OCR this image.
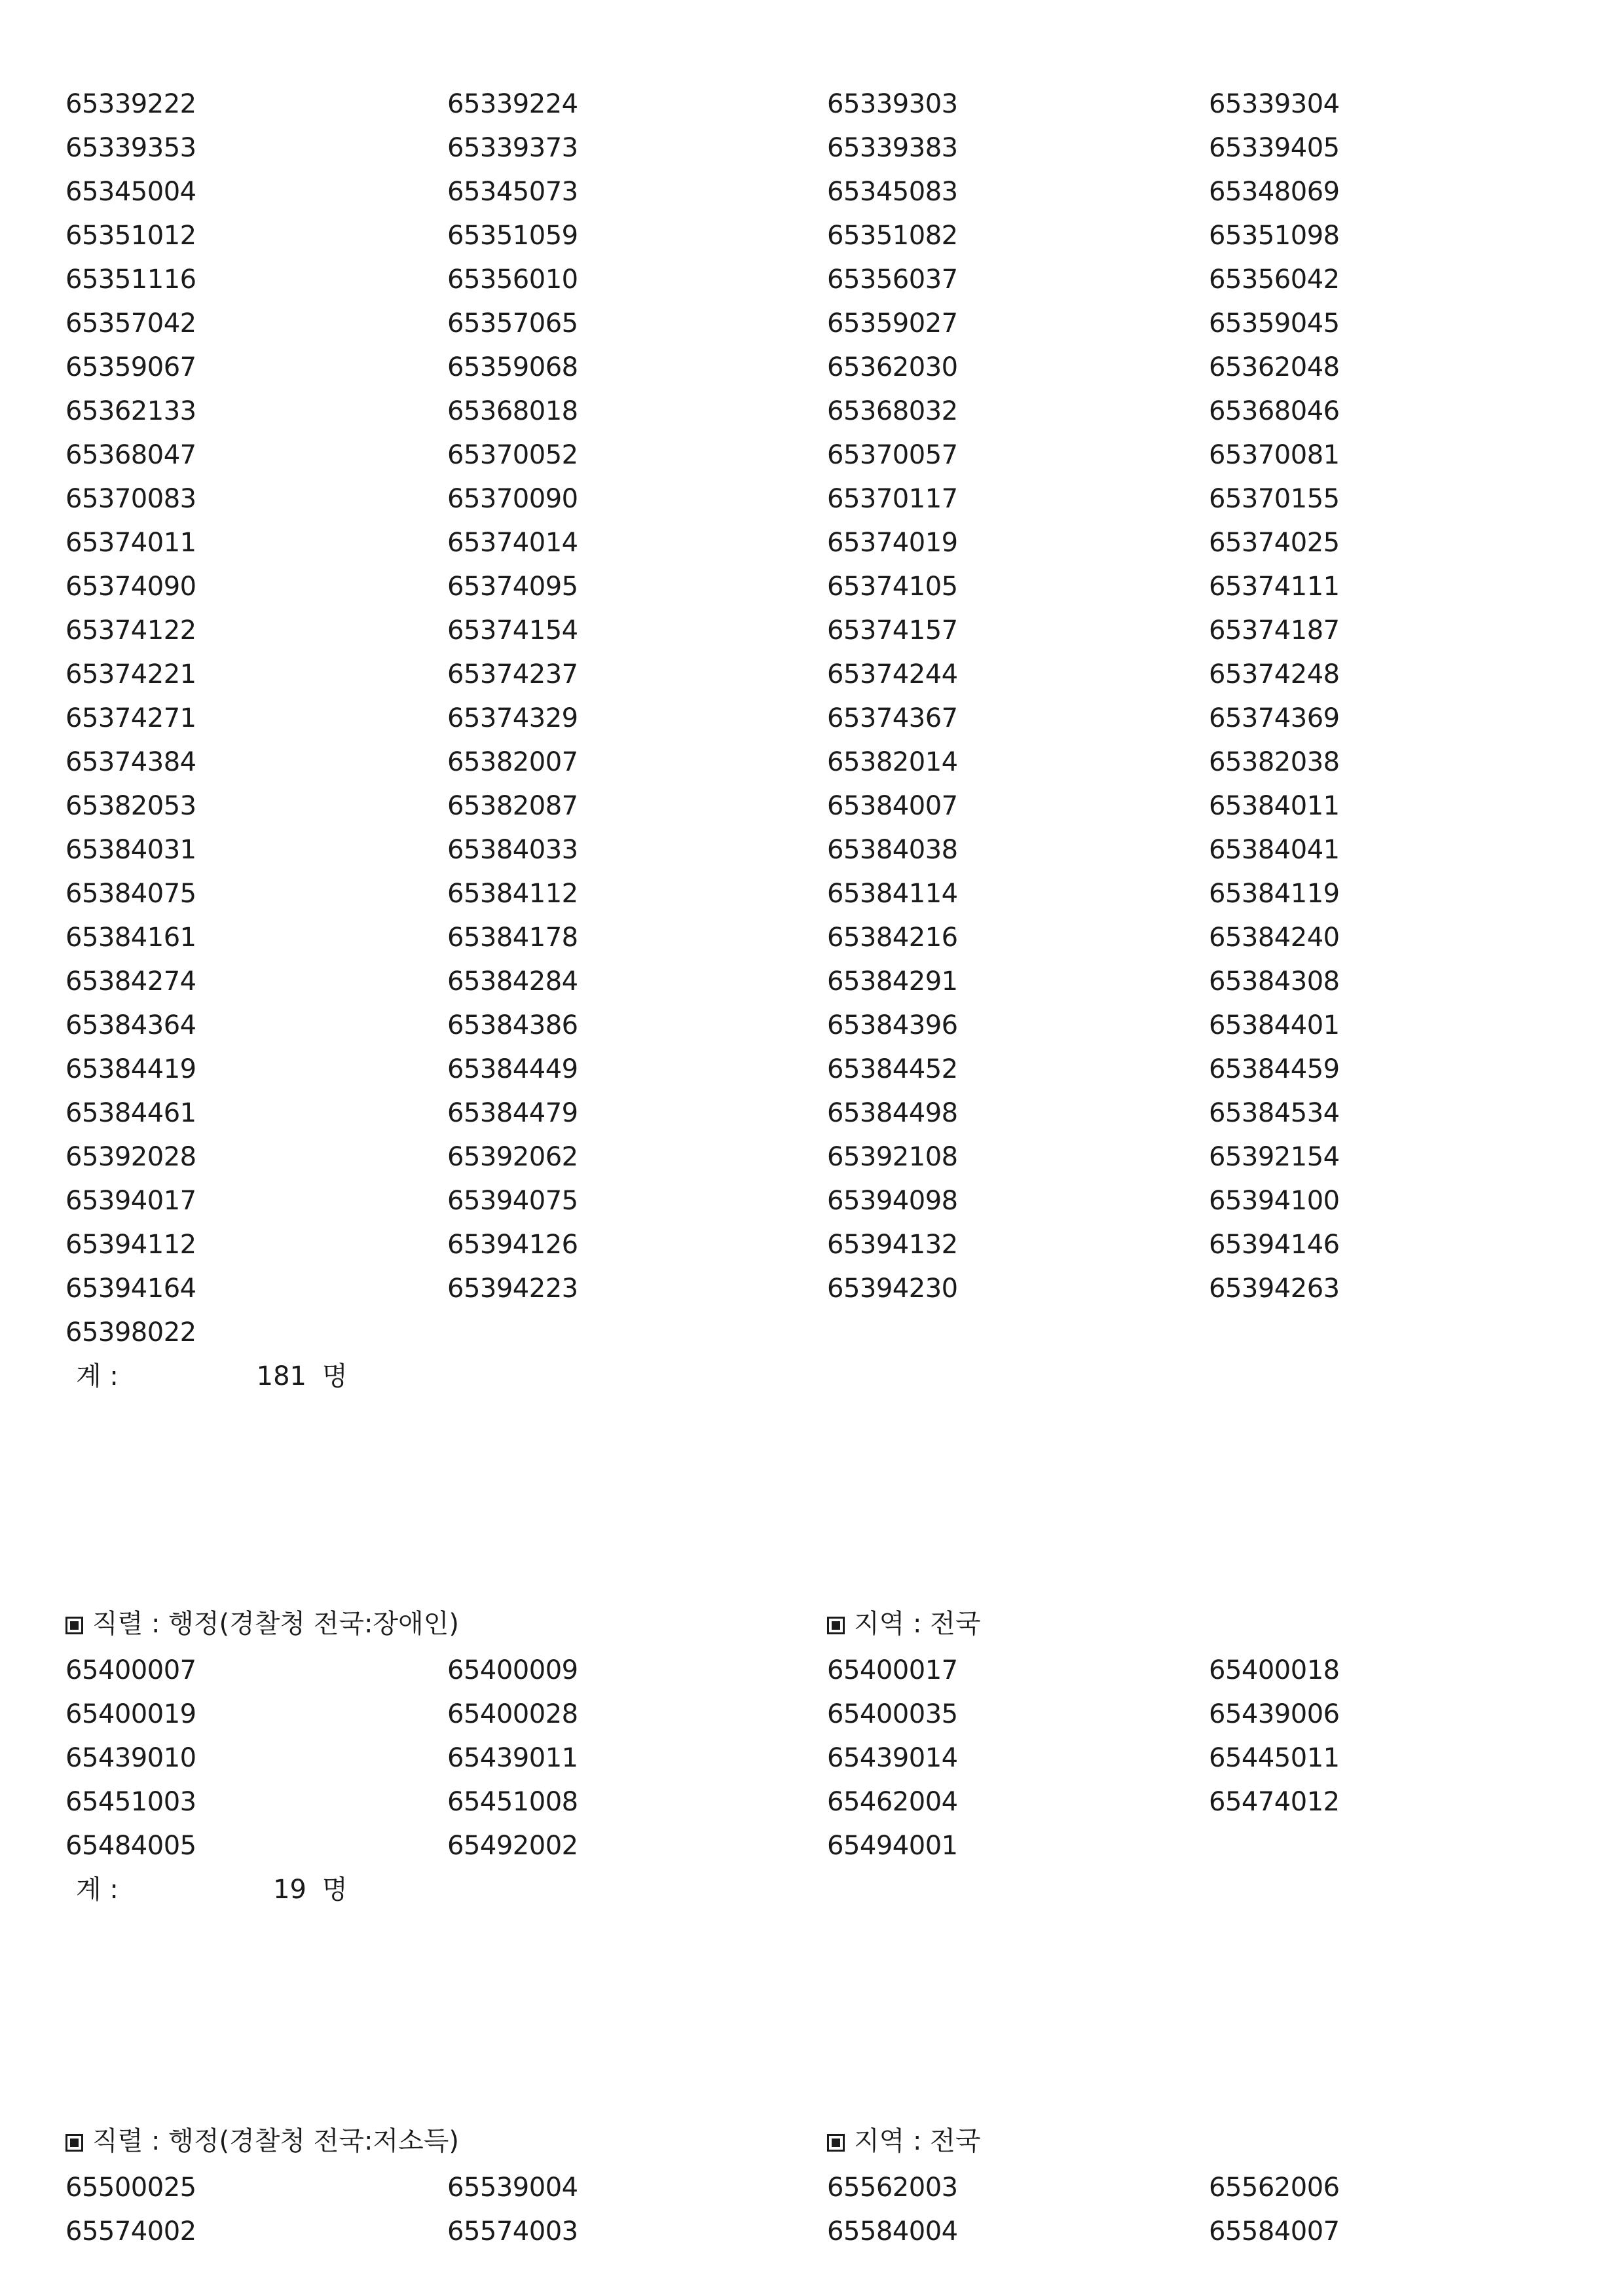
65339222	65339224	65339303	65339304
65339353	65339373	65339383	65339405
65345004	65345073	65345083	65348069
65351012	65351059	65351082	65351098
65351116	65356010	65356037	65356042
65357042	65357065	65359027	65359045
65359067	65359068	65362030	65362048
65362133	65368018	65368032	65368046
65368047	65370052	65370057	65370081
65370083	65370090	65370117	65370155
65374011	65374014	65374019	65374025
65374090	65374095	65374105	65374111
65374122	65374154	65374157	65374187
65374221	65374237	65374244	65374248
65374271	65374329	65374367	65374369
65374384	65382007	65382014	65382038
65382053	65382087	65384007	65384011
65384031	65384033	65384038	65384041
65384075	65384112	65384114	65384119
65384161	65384178	65384216	65384240
65384274	65384284	65384291	65384308
65384364	65384386	65384396	65384401
65384419	65384449	65384452	65384459
65384461	65384479	65384498	65384534
65392028	65392062	65392108	65392154
65394017	65394075	65394098	65394100
65394112	65394126	65394132	65394146
65394164	65394223	65394230	65394263
65398022
계 :	181 명
직렬 : 행정(경찰청 전국:장애인)	지역 : 전국
65400007	65400009	65400017	65400018
65400019	65400028	65400035	65439006
65439010	65439011	65439014	65445011
65451003	65451008	65462004	65474012
65484005	65492002	65494001
계 :	19 명
직렬 : 행정(경찰청 전국:저소득)	지역 : 전국
65500025	65539004	65562003	65562006
65574002	65574003	65584004	65584007
